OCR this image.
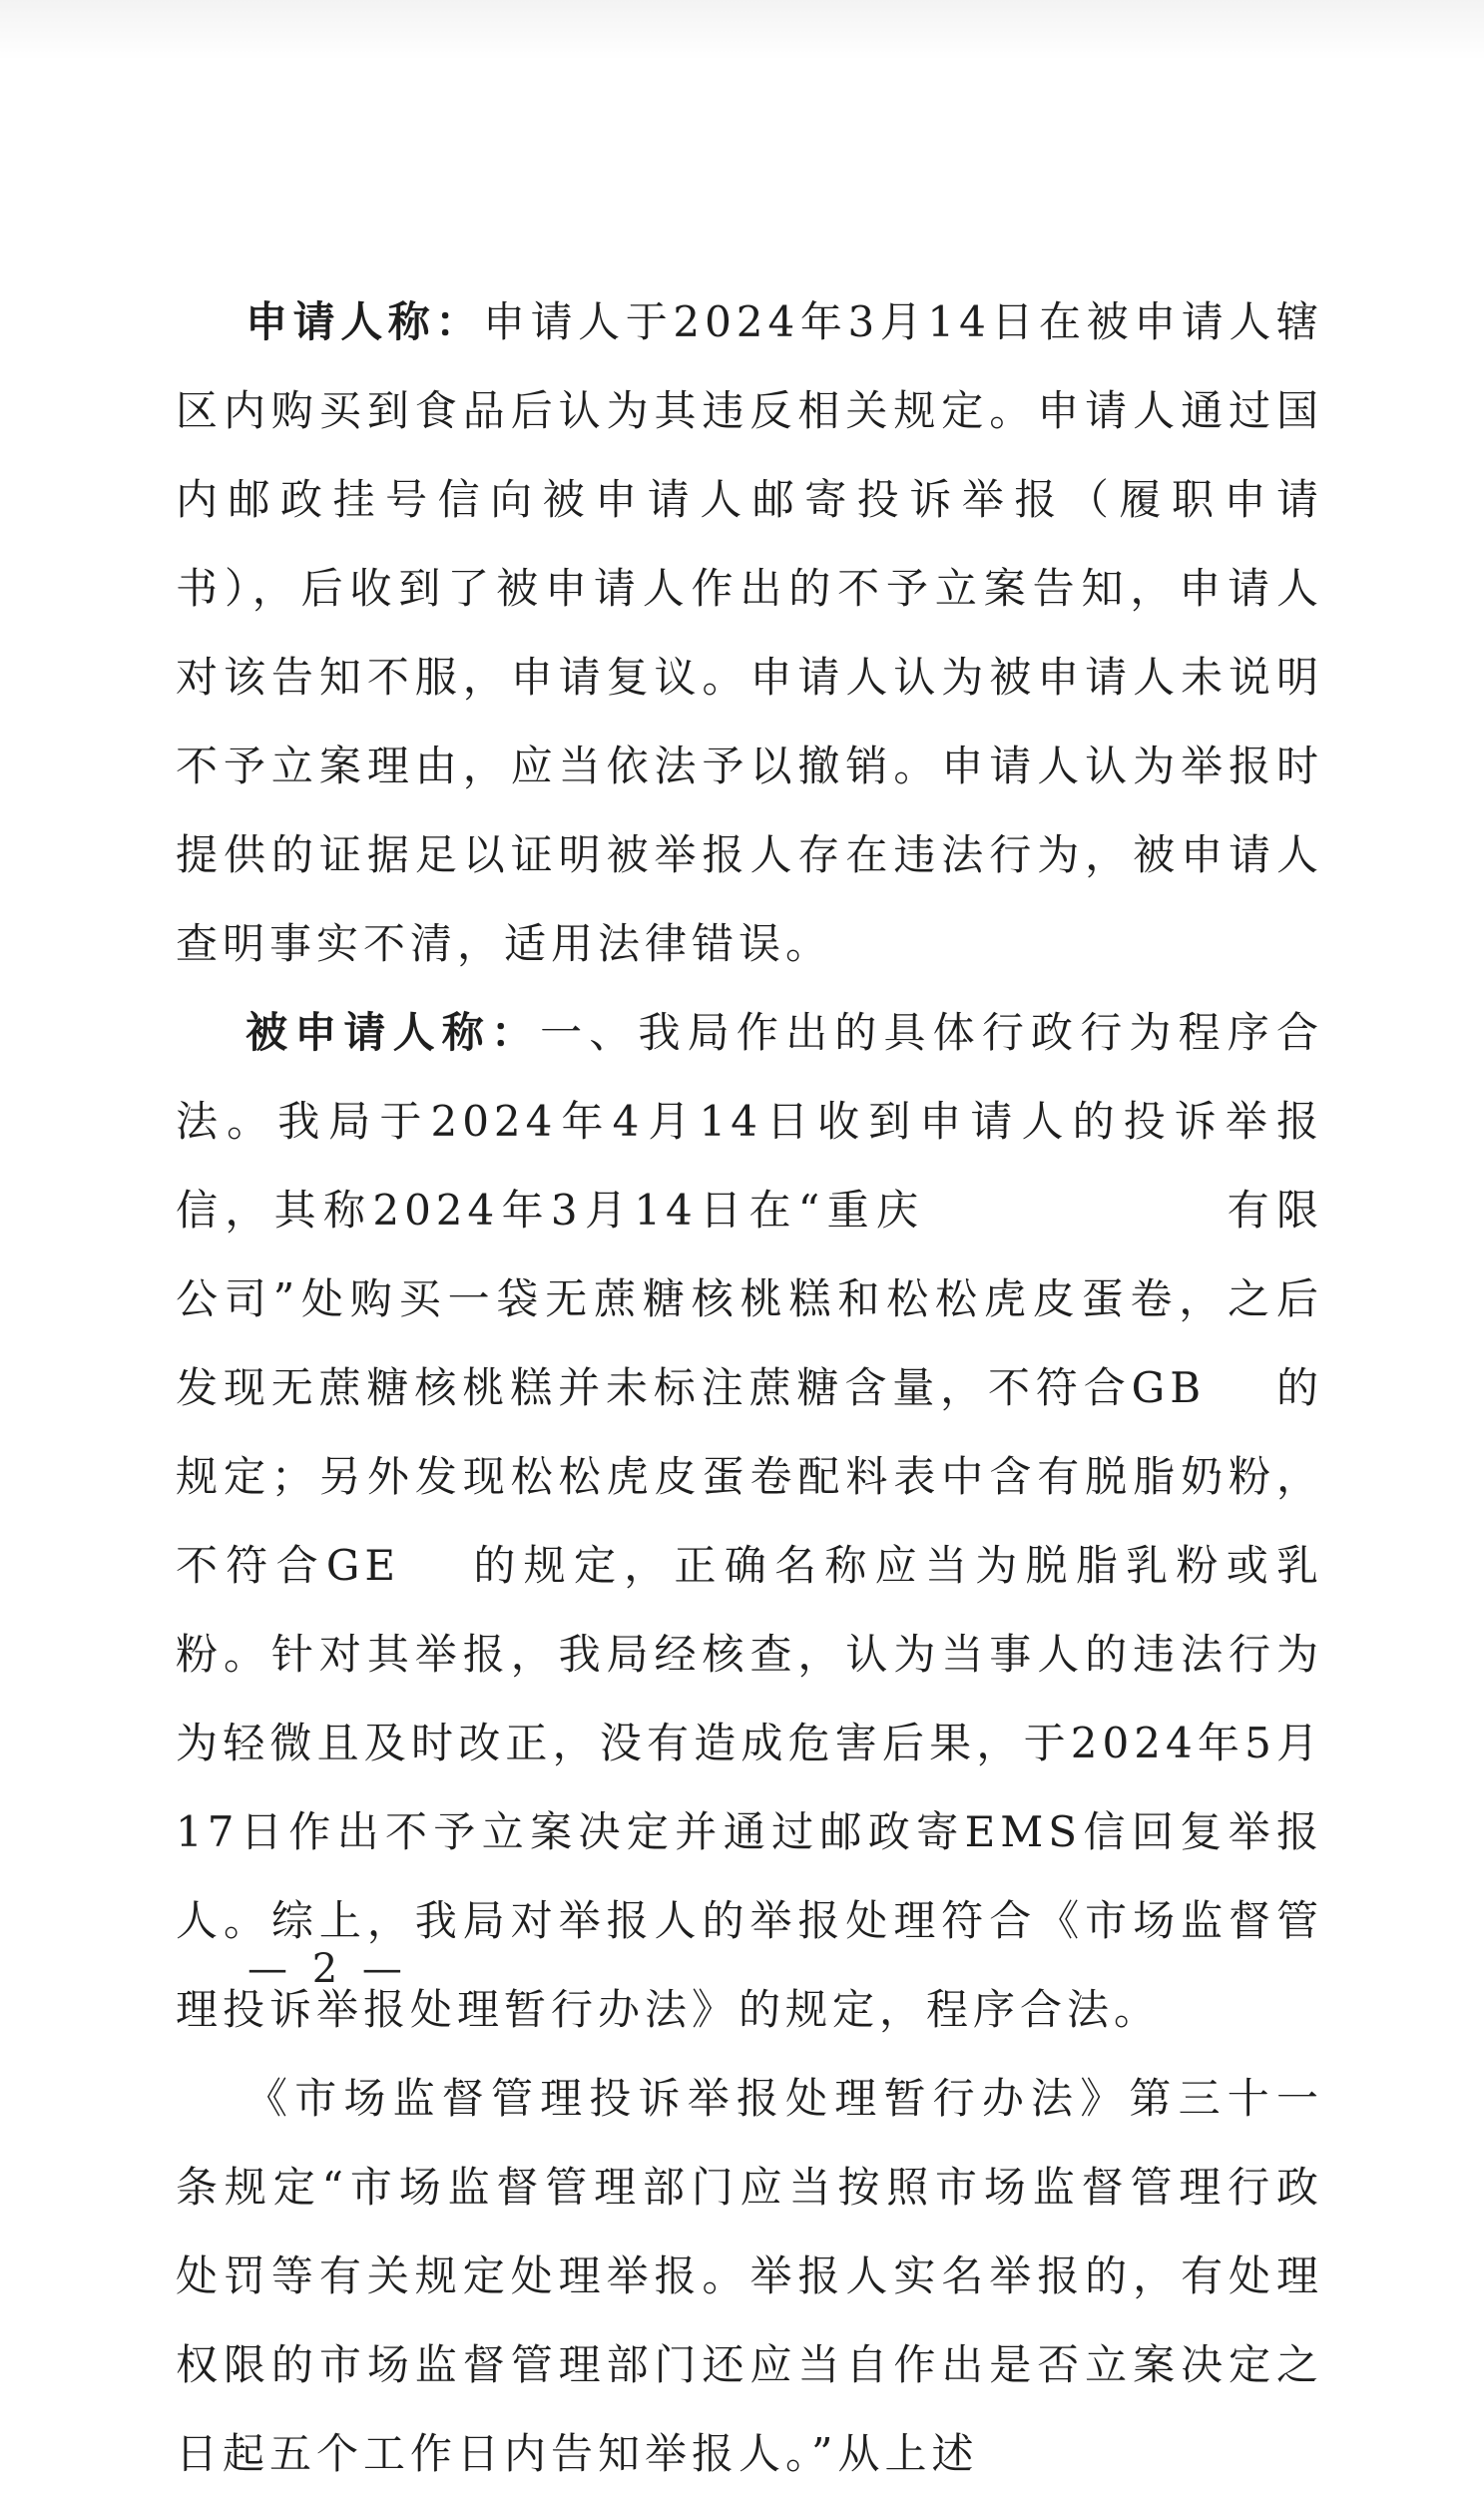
申请人称：申请人于2024年3月14日在被申请人辖区内购买到食品后认为其违反相关规定。申请人通过国内邮政挂号信向被申请人邮寄投诉举报（履职申请书），后收到了被申请人作出的不予立案告知，申请人对该告知不服，申请复议。申请人认为被申请人未说明不予立案理由，应当依法予以撤销。申请人认为举报时提供的证据足以证明被举报人存在违法行为，被申请人查明事实不清，适用法律错误。

被申请人称：一、我局作出的具体行政行为程序合法。我局于2024年4月14日收到申请人的投诉举报信，其称2024年3月14日在“重庆	有限公司”处购买一袋无蔗糖核桃糕和松松虎皮蛋卷，之后发现无蔗糖核桃糕并未标注蔗糖含量，不符合GB 的规定；另外发现松松虎皮蛋卷配料表中含有脱脂奶粉，不符合GE 的规定，正确名称应当为脱脂乳粉或乳粉。针对其举报，我局经核查，认为当事人的违法行为为轻微且及时改正，没有造成危害后果，于2024年5月17日作出不予立案决定并通过邮政寄EMS信回复举报人。综上，我局对举报人的举报处理符合《市场监督管理投诉举报处理暂行办法》的规定，程序合法。

《市场监督管理投诉举报处理暂行办法》第三十一条规定“市场监督管理部门应当按照市场监督管理行政处罚等有关规定处理举报。举报人实名举报的，有处理权限的市场监督管理部门还应当自作出是否立案决定之日起五个工作日内告知举报人。”从上述

— 2 —
